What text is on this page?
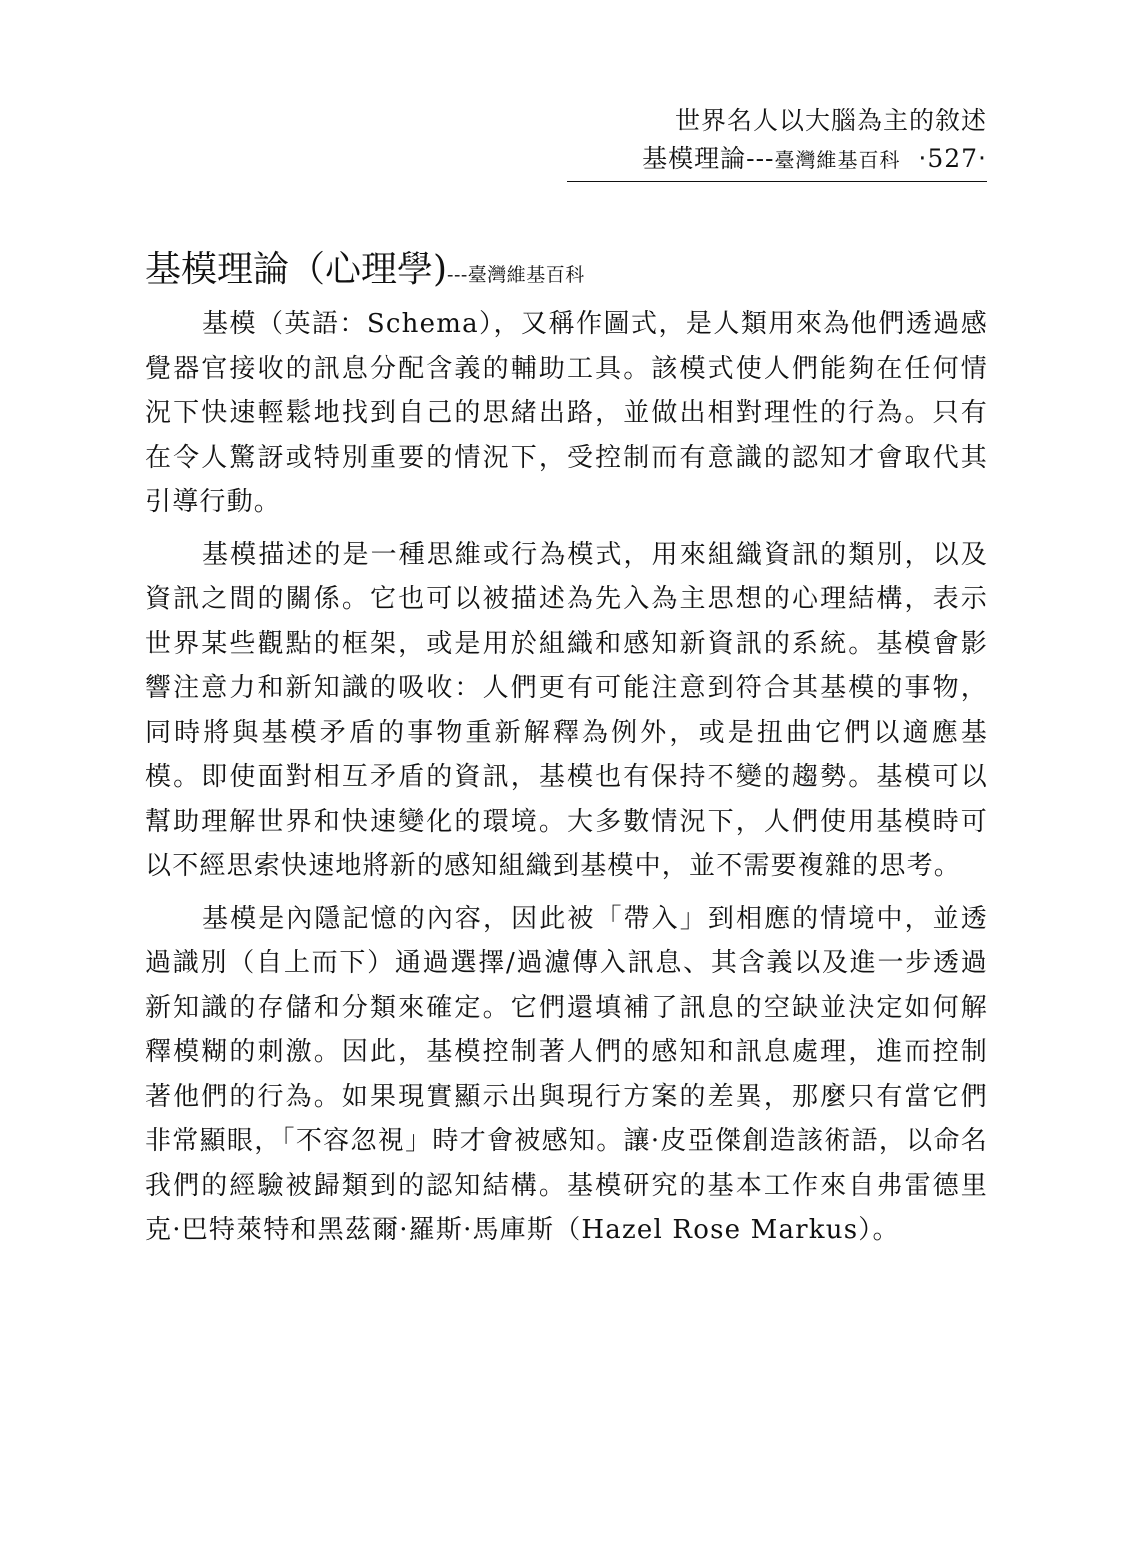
世界名人以大腦為主的敘述
基模理論---臺灣維基百科 ‧527‧
基模理論（心理學)---臺灣維基百科

基模（英語：Schema），又稱作圖式，是人類用來為他們透過感覺器官接收的訊息分配含義的輔助工具。該模式使人們能夠在任何情況下快速輕鬆地找到自己的思緒出路，並做出相對理性的行為。只有在令人驚訝或特別重要的情況下，受控制而有意識的認知才會取代其引導行動。

基模描述的是一種思維或行為模式，用來組織資訊的類別，以及資訊之間的關係。它也可以被描述為先入為主思想的心理結構，表示世界某些觀點的框架，或是用於組織和感知新資訊的系統。基模會影響注意力和新知識的吸收：人們更有可能注意到符合其基模的事物，同時將與基模矛盾的事物重新解釋為例外，或是扭曲它們以適應基模。即使面對相互矛盾的資訊，基模也有保持不變的趨勢。基模可以幫助理解世界和快速變化的環境。大多數情況下，人們使用基模時可以不經思索快速地將新的感知組織到基模中，並不需要複雜的思考。

基模是內隱記憶的內容，因此被「帶入」到相應的情境中，並透過識別（自上而下）通過選擇/過濾傳入訊息、其含義以及進一步透過新知識的存儲和分類來確定。它們還填補了訊息的空缺並決定如何解釋模糊的刺激。因此，基模控制著人們的感知和訊息處理，進而控制著他們的行為。如果現實顯示出與現行方案的差異，那麼只有當它們非常顯眼，「不容忽視」時才會被感知。讓·皮亞傑創造該術語，以命名我們的經驗被歸類到的認知結構。基模研究的基本工作來自弗雷德里克·巴特萊特和黑茲爾·羅斯·馬庫斯（Hazel Rose Markus）。
